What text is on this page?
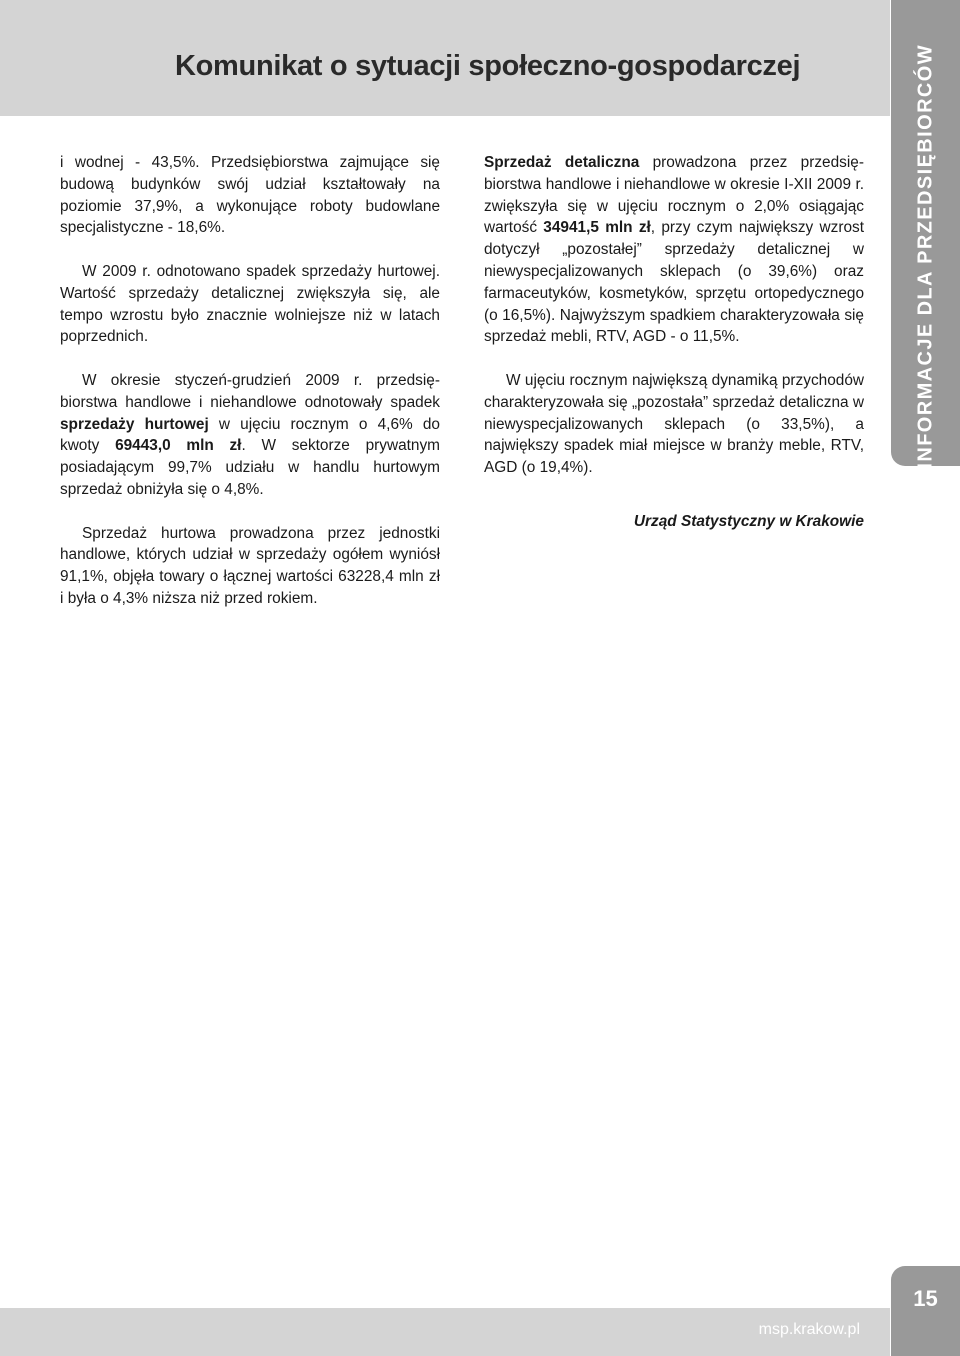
Komunikat o sytuacji społeczno-gospodarczej	INFORMACJE DLA PRZEDSIĘBIORCÓW

i wodnej - 43,5%. Przedsiębiorstwa zajmujące się budową budynków swój udział kształtowały na poziomie 37,9%, a wykonujące roboty budowlane specjalistyczne - 18,6%.

W 2009 r. odnotowano spadek sprzedaży hurtowej. Wartość sprzedaży detalicznej zwiększyła się, ale tempo wzrostu było znacznie wolniejsze niż w latach poprzednich.

W okresie styczeń-grudzień 2009 r. przedsiębiorstwa handlowe i niehandlowe odnotowały spadek sprzedaży hurtowej w ujęciu rocznym o 4,6% do kwoty 69443,0 mln zł. W sektorze prywatnym posiadającym 99,7% udziału w handlu hurtowym sprzedaż obniżyła się o 4,8%.

Sprzedaż hurtowa prowadzona przez jednostki handlowe, których udział w sprzedaży ogółem wyniósł 91,1%, objęła towary o łącznej wartości 63228,4 mln zł i była o 4,3% niższa niż przed rokiem.

Sprzedaż detaliczna prowadzona przez przedsiębiorstwa handlowe i niehandlowe w okresie I-XII 2009 r. zwiększyła się w ujęciu rocznym o 2,0% osiągając wartość 34941,5 mln zł, przy czym największy wzrost dotyczył „pozostałej” sprzedaży detalicznej w niewyspecjalizowanych sklepach (o 39,6%) oraz farmaceutyków, kosmetyków, sprzętu ortopedycznego (o 16,5%). Najwyższym spadkiem charakteryzowała się sprzedaż mebli, RTV, AGD - o 11,5%.

W ujęciu rocznym największą dynamiką przychodów charakteryzowała się „pozostała” sprzedaż detaliczna w niewyspecjalizowanych sklepach (o 33,5%), a największy spadek miał miejsce w branży meble, RTV, AGD (o 19,4%).

Urząd Statystyczny w Krakowie

15
msp.krakow.pl
